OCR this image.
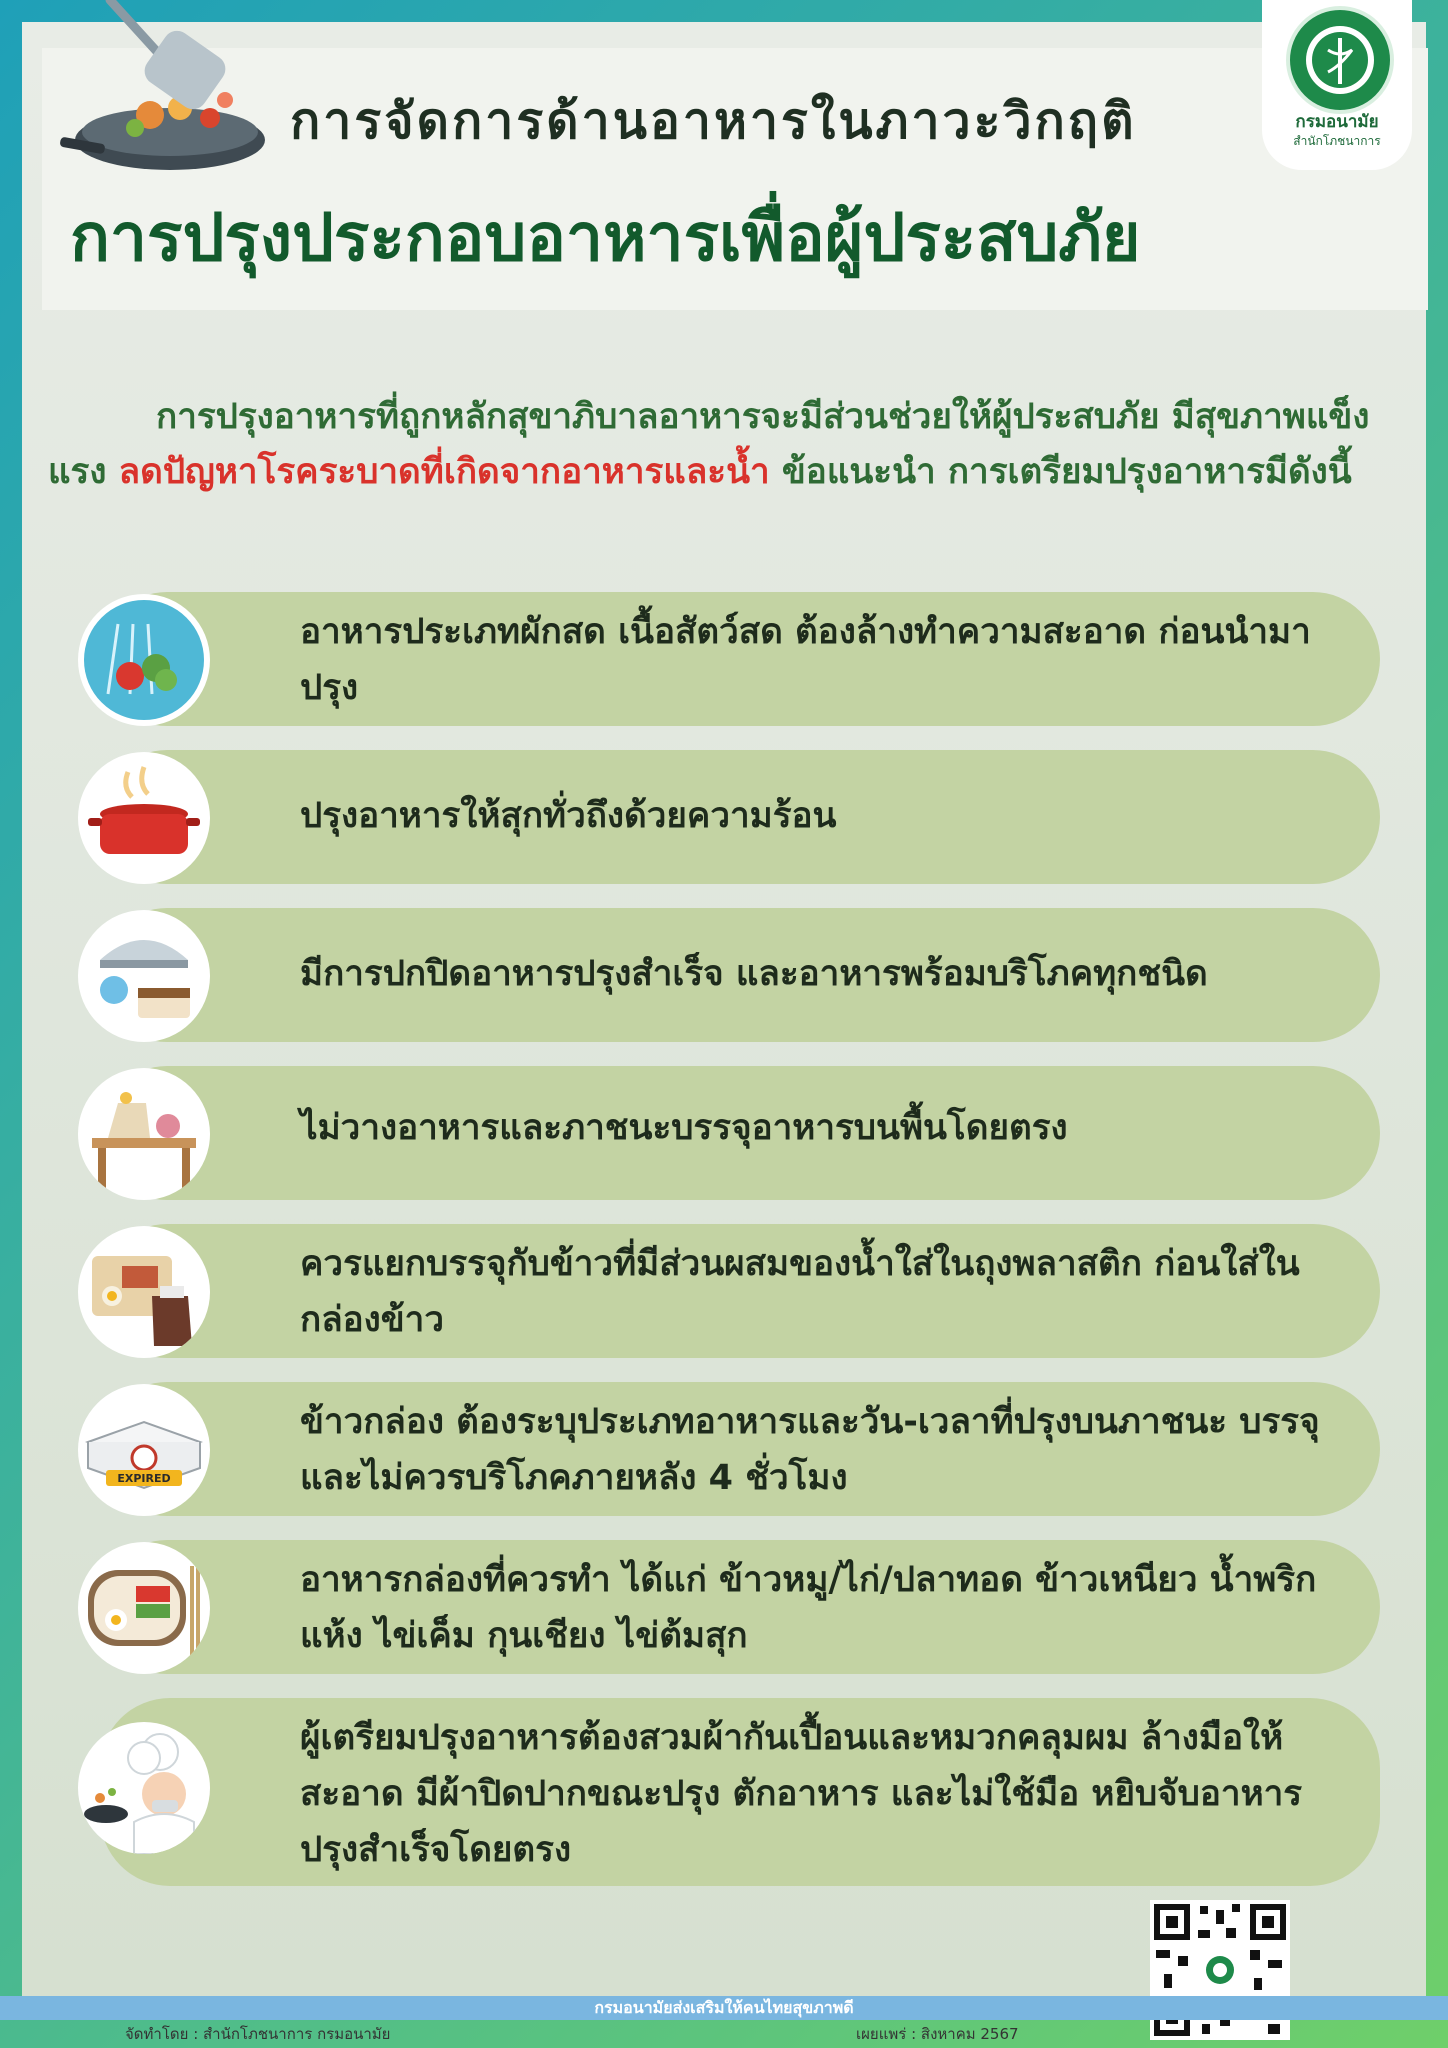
การจัดการด้านอาหารในภาวะวิกฤติ
การปรุงประกอบอาหารเพื่อผู้ประสบภัย
กรมอนามัย
สำนักโภชนาการ
การปรุงอาหารที่ถูกหลักสุขาภิบาลอาหารจะมีส่วนช่วยให้ผู้ประสบภัย มีสุขภาพแข็งแรง ลดปัญหาโรคระบาดที่เกิดจากอาหารและน้ำ ข้อแนะนำ การเตรียมปรุงอาหารมีดังนี้
อาหารประเภทผักสด เนื้อสัตว์สด ต้องล้างทำความสะอาด ก่อนนำมาปรุง
ปรุงอาหารให้สุกทั่วถึงด้วยความร้อน
มีการปกปิดอาหารปรุงสำเร็จ และอาหารพร้อมบริโภคทุกชนิด
ไม่วางอาหารและภาชนะบรรจุอาหารบนพื้นโดยตรง
ควรแยกบรรจุกับข้าวที่มีส่วนผสมของน้ำใส่ในถุงพลาสติก ก่อนใส่ในกล่องข้าว
ข้าวกล่อง ต้องระบุประเภทอาหารและวัน-เวลาที่ปรุงบนภาชนะ บรรจุ และไม่ควรบริโภคภายหลัง 4 ชั่วโมง
EXPIRED
อาหารกล่องที่ควรทำ ได้แก่ ข้าวหมู/ไก่/ปลาทอด ข้าวเหนียว น้ำพริกแห้ง ไข่เค็ม กุนเชียง ไข่ต้มสุก
ผู้เตรียมปรุงอาหารต้องสวมผ้ากันเปื้อนและหมวกคลุมผม ล้างมือให้สะอาด มีผ้าปิดปากขณะปรุง ตักอาหาร และไม่ใช้มือ หยิบจับอาหารปรุงสำเร็จโดยตรง
กรมอนามัยส่งเสริมให้คนไทยสุขภาพดี
จัดทำโดย : สำนักโภชนาการ กรมอนามัย	เผยแพร่ : สิงหาคม 2567
